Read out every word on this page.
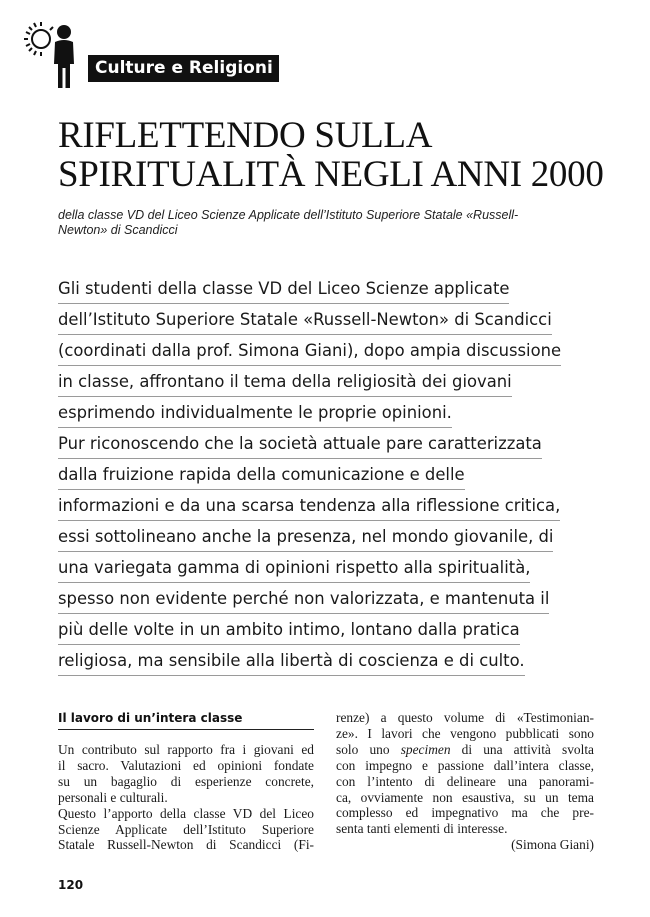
Culture e Religioni
RIFLETTENDO SULLA
SPIRITUALITÀ NEGLI ANNI 2000
della classe VD del Liceo Scienze Applicate dell’Istituto Superiore Statale «Russell-
Newton» di Scandicci
Gli studenti della classe VD del Liceo Scienze applicate
dell’Istituto Superiore Statale «Russell-Newton» di Scandicci
(coordinati dalla prof. Simona Giani), dopo ampia discussione
in classe, affrontano il tema della religiosità dei giovani
esprimendo individualmente le proprie opinioni.
Pur riconoscendo che la società attuale pare caratterizzata
dalla fruizione rapida della comunicazione e delle
informazioni e da una scarsa tendenza alla riflessione critica,
essi sottolineano anche la presenza, nel mondo giovanile, di
una variegata gamma di opinioni rispetto alla spiritualità,
spesso non evidente perché non valorizzata, e mantenuta il
più delle volte in un ambito intimo, lontano dalla pratica
religiosa, ma sensibile alla libertà di coscienza e di culto.
Il lavoro di un’intera classe
Un contributo sul rapporto fra i giovani ed
il sacro. Valutazioni ed opinioni fondate
su un bagaglio di esperienze concrete,
personali e culturali.
Questo l’apporto della classe VD del Liceo
Scienze Applicate dell’Istituto Superiore
Statale Russell-Newton di Scandicci (Fi-
renze) a questo volume di «Testimonian-
ze». I lavori che vengono pubblicati sono
solo uno specimen di una attività svolta
con impegno e passione dall’intera classe,
con l’intento di delineare una panorami-
ca, ovviamente non esaustiva, su un tema
complesso ed impegnativo ma che pre-
senta tanti elementi di interesse.
(Simona Giani)
120
